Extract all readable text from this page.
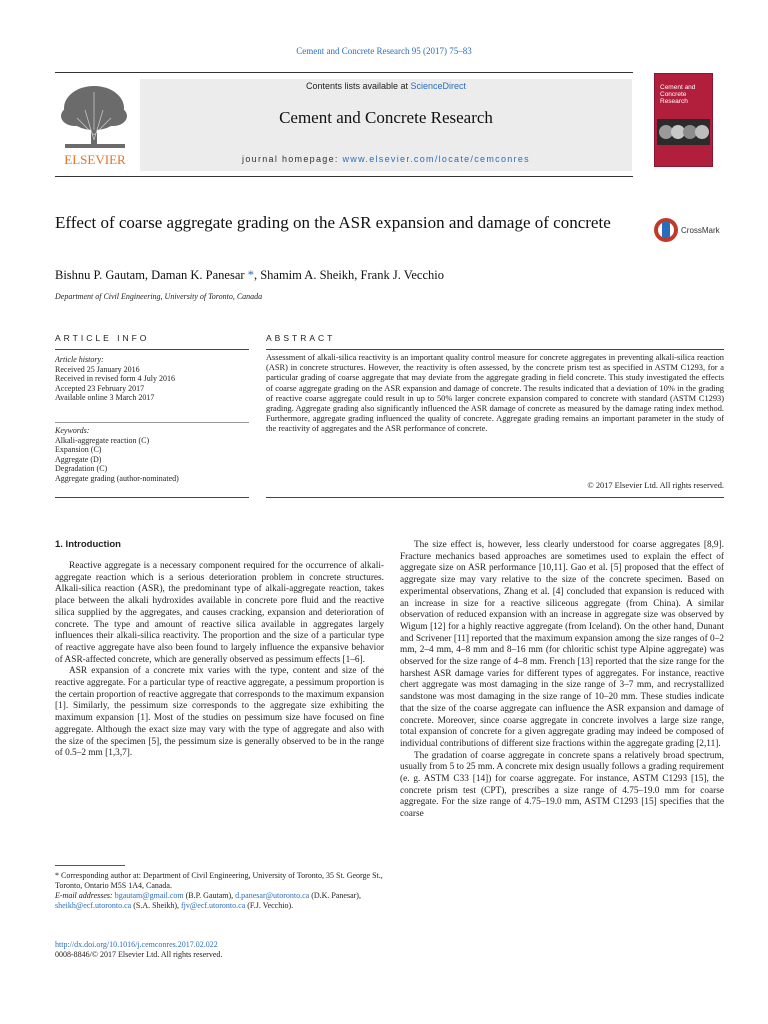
Cement and Concrete Research 95 (2017) 75–83
ELSEVIER
Contents lists available at ScienceDirect
Cement and Concrete Research
journal homepage: www.elsevier.com/locate/cemconres
Cement and Concrete Research
Effect of coarse aggregate grading on the ASR expansion and damage of concrete	CrossMark
Bishnu P. Gautam, Daman K. Panesar *, Shamim A. Sheikh, Frank J. Vecchio
Department of Civil Engineering, University of Toronto, Canada
ARTICLE INFO	ABSTRACT
Article history:
Received 25 January 2016
Received in revised form 4 July 2016
Accepted 23 February 2017
Available online 3 March 2017
Keywords:
Alkali-aggregate reaction (C)
Expansion (C)
Aggregate (D)
Degradation (C)
Aggregate grading (author-nominated)
Assessment of alkali-silica reactivity is an important quality control measure for concrete aggregates in preventing alkali-silica reaction (ASR) in concrete structures. However, the reactivity is often assessed, by the concrete prism test as specified in ASTM C1293, for a particular grading of coarse aggregate that may deviate from the aggregate grading in field concrete. This study investigated the effects of coarse aggregate grading on the ASR expansion and damage of concrete. The results indicated that a deviation of 10% in the grading of reactive coarse aggregate could result in up to 50% larger concrete expansion compared to concrete with standard (ASTM C1293) grading. Aggregate grading also significantly influenced the ASR damage of concrete as measured by the damage rating index method. Furthermore, aggregate grading influenced the quality of concrete. Aggregate grading remains an important parameter in the study of the reactivity of aggregates and the ASR performance of concrete.
© 2017 Elsevier Ltd. All rights reserved.
1. Introduction

Reactive aggregate is a necessary component required for the occurrence of alkali-aggregate reaction which is a serious deterioration problem in concrete structures. Alkali-silica reaction (ASR), the predominant type of alkali-aggregate reaction, takes place between the alkali hydroxides available in concrete pore fluid and the reactive silica supplied by the aggregates, and causes cracking, expansion and deterioration of concrete. The type and amount of reactive silica available in aggregates largely influences their alkali-silica reactivity. The proportion and the size of a particular type of reactive aggregate have also been found to largely influence the expansive behavior of ASR-affected concrete, which are generally observed as pessimum effects [1–6].

ASR expansion of a concrete mix varies with the type, content and size of the reactive aggregate. For a particular type of reactive aggregate, a pessimum proportion is the certain proportion of reactive aggregate that corresponds to the maximum expansion [1]. Similarly, the pessimum size corresponds to the aggregate size exhibiting the maximum expansion [1]. Most of the studies on pessimum size have focused on fine aggregate. Although the exact size may vary with the type of aggregate and also with the size of the specimen [5], the pessimum size is generally observed to be in the range of 0.5–2 mm [1,3,7].

The size effect is, however, less clearly understood for coarse aggregates [8,9]. Fracture mechanics based approaches are sometimes used to explain the effect of aggregate size on ASR performance [10,11]. Gao et al. [5] proposed that the effect of aggregate size may vary relative to the size of the concrete specimen. Based on experimental observations, Zhang et al. [4] concluded that expansion is reduced with an increase in size for a reactive siliceous aggregate (from China). A similar observation of reduced expansion with an increase in aggregate size was observed by Wigum [12] for a highly reactive aggregate (from Iceland). On the other hand, Dunant and Scrivener [11] reported that the maximum expansion among the size ranges of 0–2 mm, 2–4 mm, 4–8 mm and 8–16 mm (for chloritic schist type Alpine aggregate) was observed for the size range of 4–8 mm. French [13] reported that the size range for the harshest ASR damage varies for different types of aggregates. For instance, reactive chert aggregate was most damaging in the size range of 3–7 mm, and recrystallized sandstone was most damaging in the size range of 10–20 mm. These studies indicate that the size of the coarse aggregate can influence the ASR expansion and damage of concrete. Moreover, since coarse aggregate in concrete involves a large size range, total expansion of concrete for a given aggregate grading may indeed be composed of individual contributions of different size fractions within the aggregate grading [2,11].

The gradation of coarse aggregate in concrete spans a relatively broad spectrum, usually from 5 to 25 mm. A concrete mix design usually follows a grading requirement (e. g. ASTM C33 [14]) for coarse aggregate. For instance, ASTM C1293 [15], the concrete prism test (CPT), prescribes a size range of 4.75–19.0 mm for coarse aggregate. For the size range of 4.75–19.0 mm, ASTM C1293 [15] specifies that the coarse

* Corresponding author at: Department of Civil Engineering, University of Toronto, 35 St. George St., Toronto, Ontario M5S 1A4, Canada.
E-mail addresses: bgautam@gmail.com (B.P. Gautam), d.panesar@utoronto.ca (D.K. Panesar), sheikh@ecf.utoronto.ca (S.A. Sheikh), fjv@ecf.utoronto.ca (F.J. Vecchio).
http://dx.doi.org/10.1016/j.cemconres.2017.02.022
0008-8846/© 2017 Elsevier Ltd. All rights reserved.
